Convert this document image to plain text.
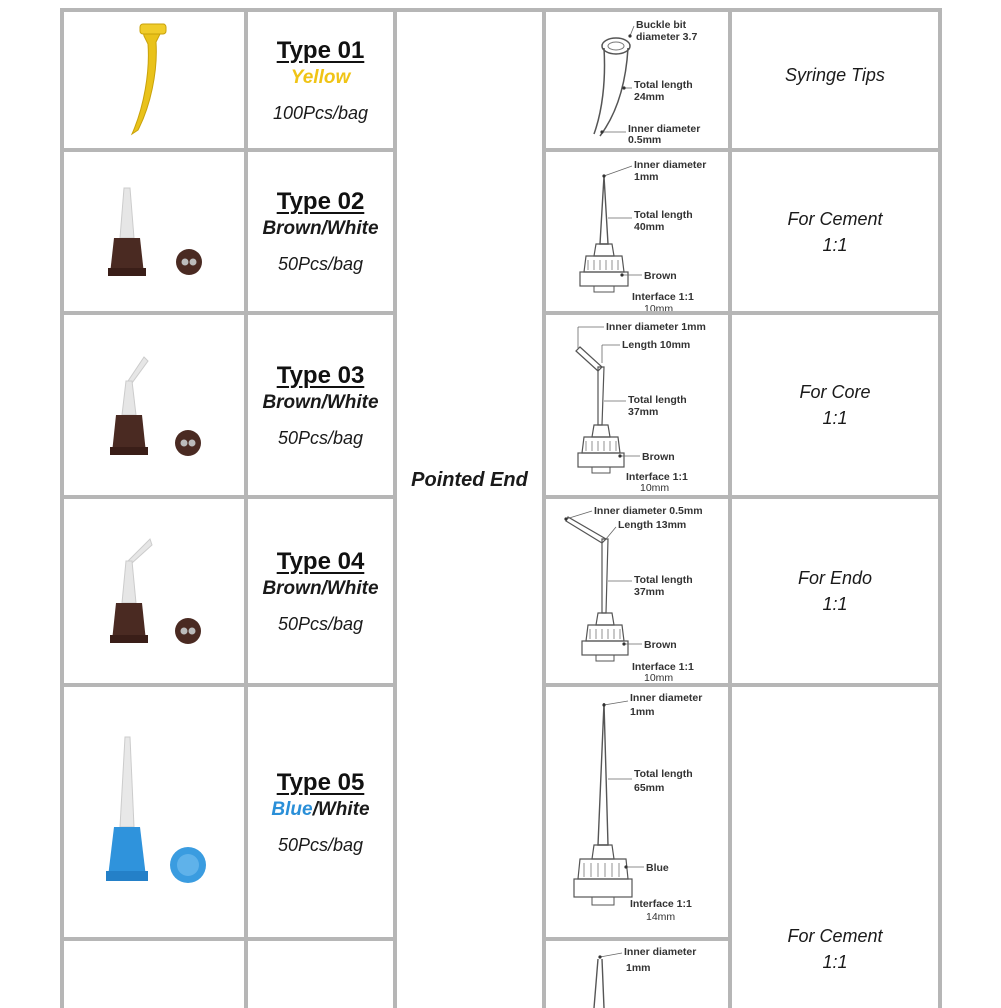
Type 01
Yellow
100Pcs/bag
Buckle bit
diameter 3.7
Total length
24mm
Inner diameter
0.5mm
Syringe Tips
Type 02
Brown/White
50Pcs/bag
Inner diameter
1mm
Total length
40mm
Brown
Interface 1:1
10mm
For Cement
1:1
Type 03
Brown/White
50Pcs/bag
Inner diameter 1mm
Length 10mm
Total length
37mm
Brown
Interface 1:1
10mm
For Core
1:1
Type 04
Brown/White
50Pcs/bag
Inner diameter 0.5mm
Length 13mm
Total length
37mm
Brown
Interface 1:1
10mm
For Endo
1:1
Type 05
Blue/White
50Pcs/bag
Inner diameter
1mm
Total length
65mm
Blue
Interface 1:1
14mm
For Cement
1:1
Inner diameter
1mm
Pointed End
